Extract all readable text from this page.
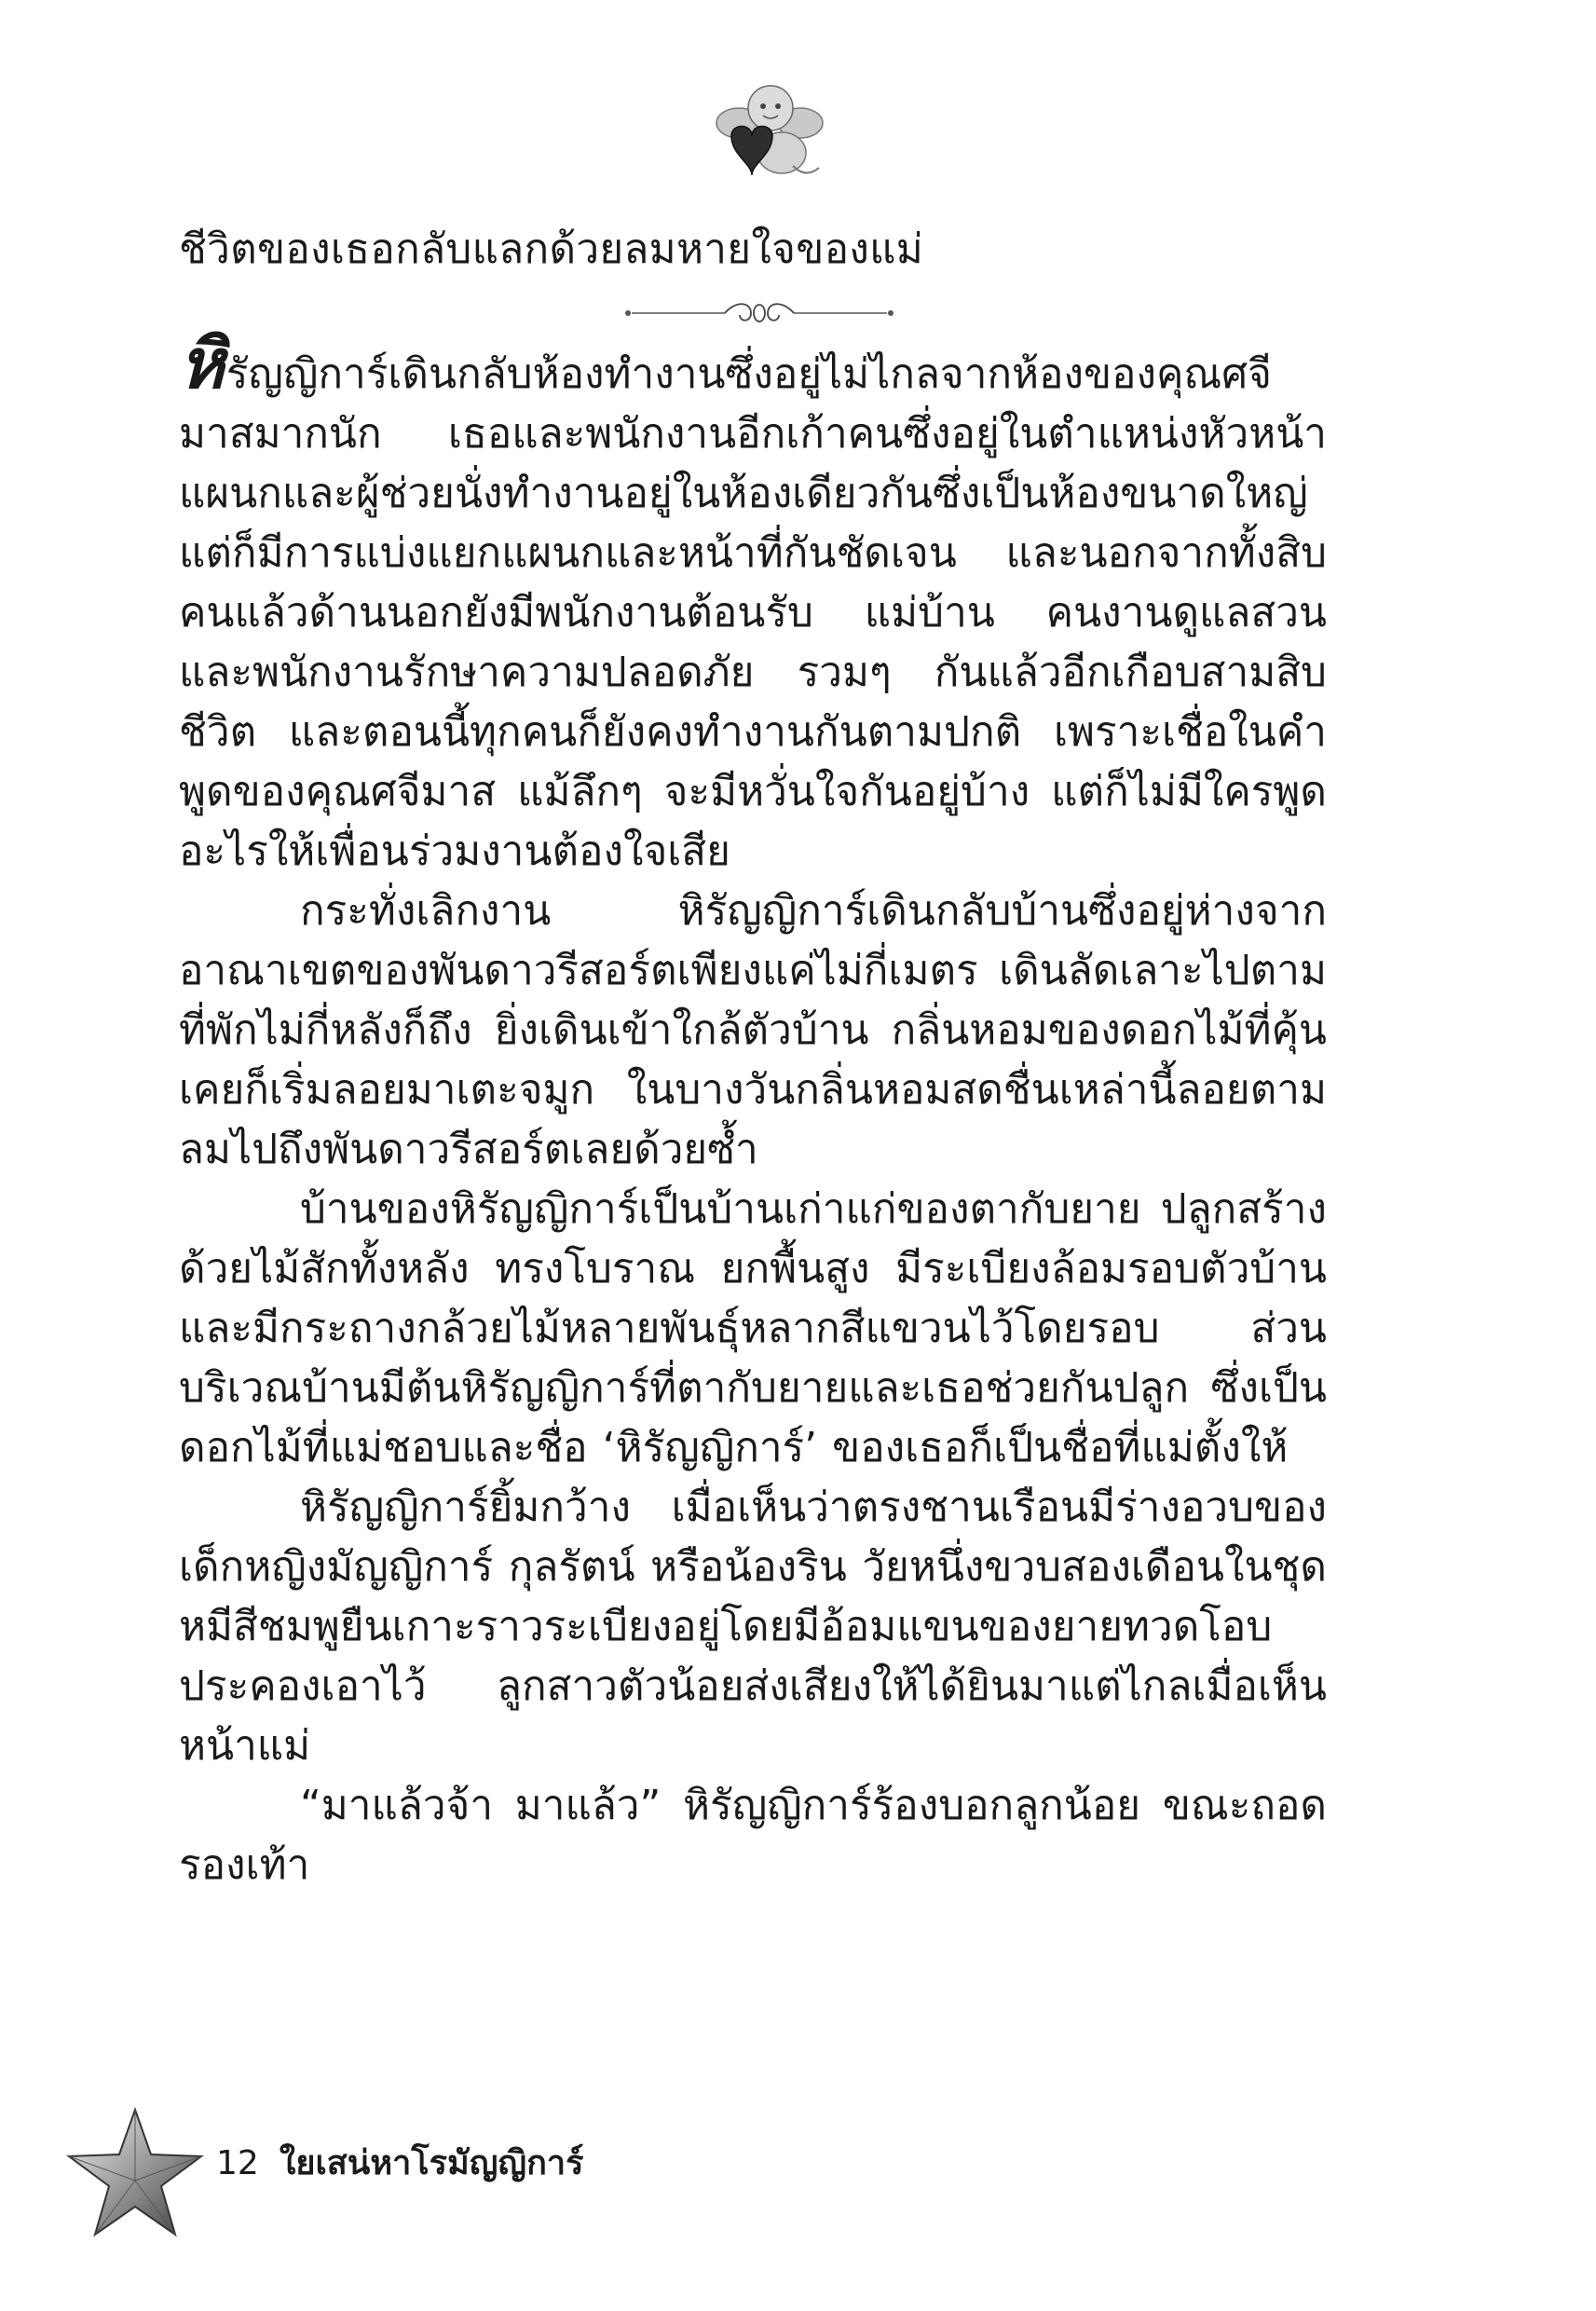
ชีวิตของเธอกลับแลกด้วยลมหายใจของแม่

หิรัญญิการ์เดินกลับห้องทำงานซึ่งอยู่ไม่ไกลจากห้องของคุณศจีมาสมากนัก เธอและพนักงานอีกเก้าคนซึ่งอยู่ในตำแหน่งหัวหน้าแผนกและผู้ช่วยนั่งทำงานอยู่ในห้องเดียวกันซึ่งเป็นห้องขนาดใหญ่ แต่ก็มีการแบ่งแยกแผนกและหน้าที่กันชัดเจน และนอกจากทั้งสิบคนแล้วด้านนอกยังมีพนักงานต้อนรับ แม่บ้าน คนงานดูแลสวน และพนักงานรักษาความปลอดภัย รวมๆ กันแล้วอีกเกือบสามสิบชีวิต และตอนนี้ทุกคนก็ยังคงทำงานกันตามปกติ เพราะเชื่อในคำพูดของคุณศจีมาส แม้ลึกๆ จะมีหวั่นใจกันอยู่บ้าง แต่ก็ไม่มีใครพูดอะไรให้เพื่อนร่วมงานต้องใจเสีย

กระทั่งเลิกงาน หิรัญญิการ์เดินกลับบ้านซึ่งอยู่ห่างจากอาณาเขตของพันดาวรีสอร์ตเพียงแค่ไม่กี่เมตร เดินลัดเลาะไปตามที่พักไม่กี่หลังก็ถึง ยิ่งเดินเข้าใกล้ตัวบ้าน กลิ่นหอมของดอกไม้ที่คุ้นเคยก็เริ่มลอยมาเตะจมูก ในบางวันกลิ่นหอมสดชื่นเหล่านี้ลอยตามลมไปถึงพันดาวรีสอร์ตเลยด้วยซ้ำ

บ้านของหิรัญญิการ์เป็นบ้านเก่าแก่ของตากับยาย ปลูกสร้างด้วยไม้สักทั้งหลัง ทรงโบราณ ยกพื้นสูง มีระเบียงล้อมรอบตัวบ้านและมีกระถางกล้วยไม้หลายพันธุ์หลากสีแขวนไว้โดยรอบ ส่วนบริเวณบ้านมีต้นหิรัญญิการ์ที่ตากับยายและเธอช่วยกันปลูก ซึ่งเป็นดอกไม้ที่แม่ชอบและชื่อ ‘หิรัญญิการ์’ ของเธอก็เป็นชื่อที่แม่ตั้งให้

หิรัญญิการ์ยิ้มกว้าง เมื่อเห็นว่าตรงชานเรือนมีร่างอวบของเด็กหญิงมัญญิการ์ กุลรัตน์ หรือน้องริน วัยหนึ่งขวบสองเดือนในชุดหมีสีชมพูยืนเกาะราวระเบียงอยู่โดยมีอ้อมแขนของยายทวดโอบประคองเอาไว้ ลูกสาวตัวน้อยส่งเสียงให้ได้ยินมาแต่ไกลเมื่อเห็นหน้าแม่

“มาแล้วจ้า มาแล้ว” หิรัญญิการ์ร้องบอกลูกน้อย ขณะถอดรองเท้า

12 ใยเสน่หาโรมัญญิการ์
